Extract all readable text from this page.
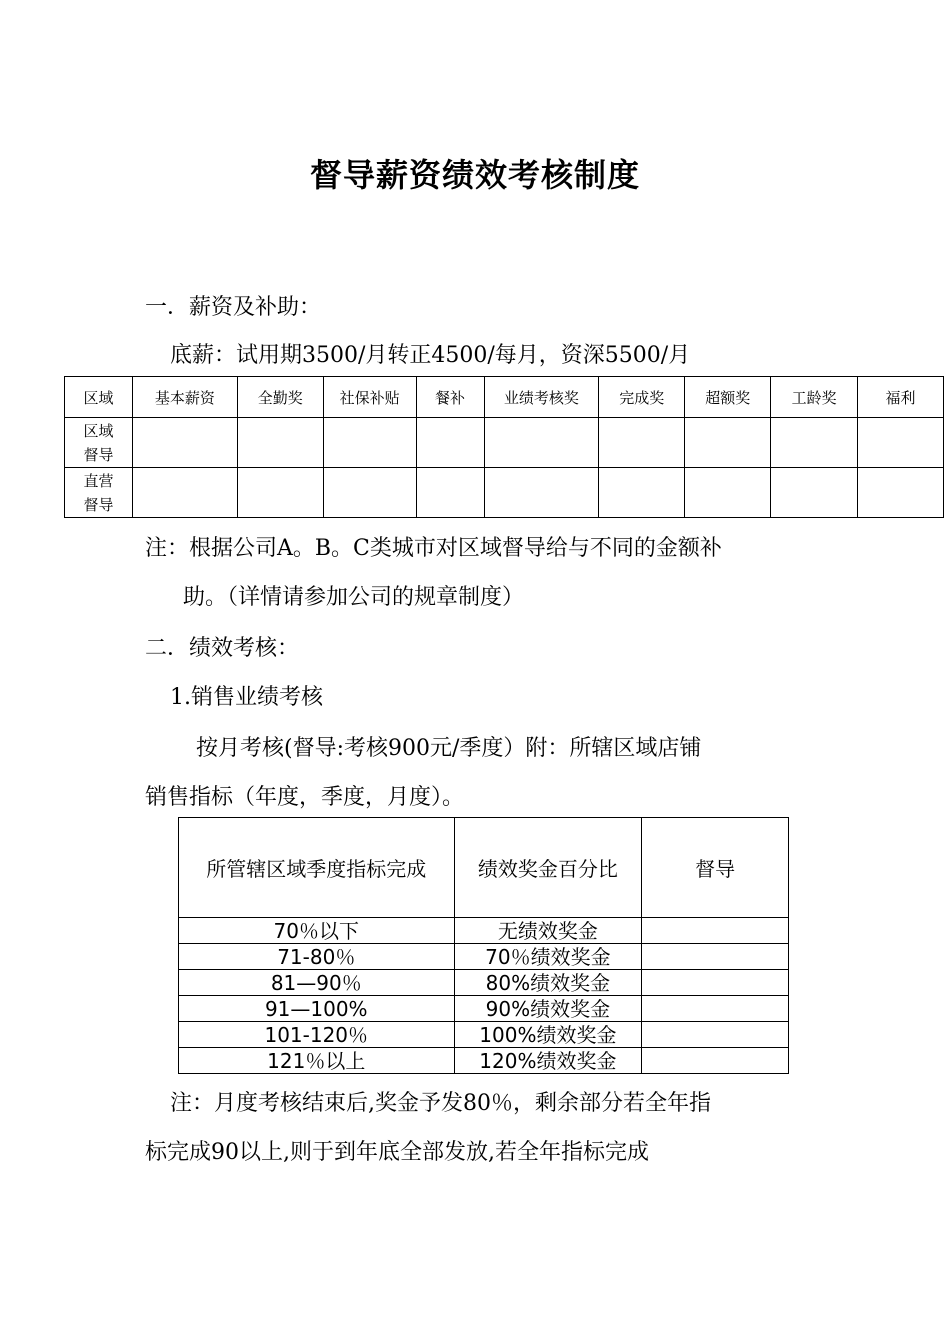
督导薪资绩效考核制度
一．薪资及补助：
底薪：试用期3500/月转正4500/每月，资深5500/月
区域	基本薪资	全勤奖	社保补贴	餐补	业绩考核奖	完成奖	超额奖	工龄奖	福利

区域
督导									

直营
督导									

注：根据公司A。B。C类城市对区域督导给与不同的金额补
助。（详情请参加公司的规章制度）
二．绩效考核：
1.销售业绩考核
按月考核(督导:考核900元/季度）附：所辖区域店铺
销售指标（年度，季度，月度）。
所管辖区域季度指标完成	绩效奖金百分比	督导
70％以下	无绩效奖金	
71-80％	70％绩效奖金	
81—90％	80%绩效奖金	
91—100%	90%绩效奖金	
101-120％	100%绩效奖金	
121％以上	120%绩效奖金	
注：月度考核结束后,奖金予发80％，剩余部分若全年指
标完成90以上,则于到年底全部发放,若全年指标完成
